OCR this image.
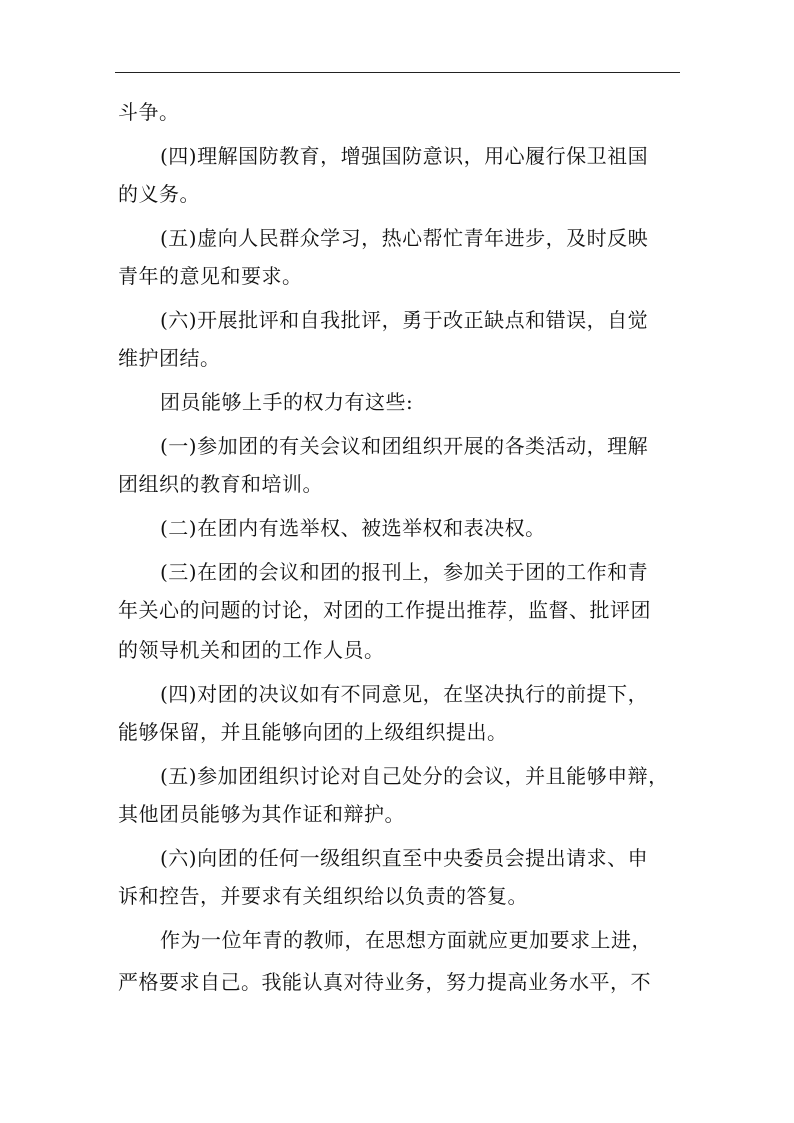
斗争。
(四)理解国防教育，增强国防意识，用心履行保卫祖国
的义务。
(五)虚向人民群众学习，热心帮忙青年进步，及时反映
青年的意见和要求。
(六)开展批评和自我批评，勇于改正缺点和错误，自觉
维护团结。
团员能够上手的权力有这些:
(一)参加团的有关会议和团组织开展的各类活动，理解
团组织的教育和培训。
(二)在团内有选举权、被选举权和表决权。
(三)在团的会议和团的报刊上，参加关于团的工作和青
年关心的问题的讨论，对团的工作提出推荐，监督、批评团
的领导机关和团的工作人员。
(四)对团的决议如有不同意见，在坚决执行的前提下，
能够保留，并且能够向团的上级组织提出。
(五)参加团组织讨论对自己处分的会议，并且能够申辩，
其他团员能够为其作证和辩护。
(六)向团的任何一级组织直至中央委员会提出请求、申
诉和控告，并要求有关组织给以负责的答复。
作为一位年青的教师，在思想方面就应更加要求上进，
严格要求自己。我能认真对待业务，努力提高业务水平，不
